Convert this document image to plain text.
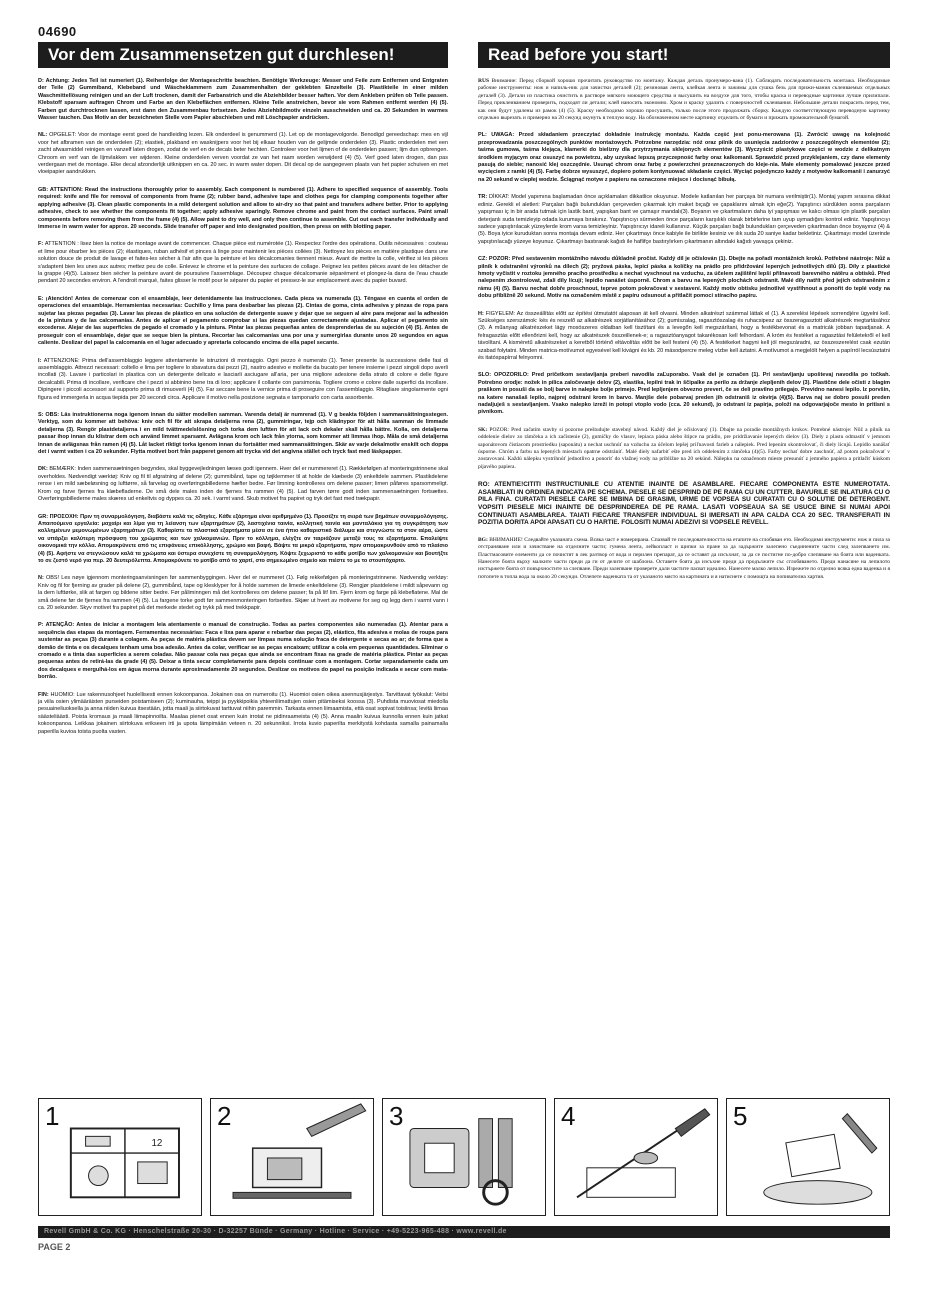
04690
Vor dem Zusammensetzen gut durchlesen!
D: Achtung: Jedes Teil ist numeriert (1). Reihenfolge der Montageschritte beachten. Benötigte Werkzeuge: Messer und Feile zum Entfernen und Entgraten der Teile (2) Gummiband, Klebeband und Wäscheklammern zum Zusammenhalten der geklebten Einzelteile (3). Plastikteile in einer milden Waschmittellösung reinigen und an der Luft trocknen, damit der Farbanstrich und die Abziehbilder besser haften. Vor dem Ankleben prüfen ob Teile passen. Klebstoff sparsam auftragen Chrom und Farbe an den Klebeflächen entfernen. Kleine Teile anstreichen, bevor sie vom Rahmen entfernt werden (4) (5). Farben gut durchtrocknen lassen, erst dann den Zusammenbau fortsetzen. Jedes Abziehbildmotiv einzeln ausschneiden und ca. 20 Sekunden in warmes Wasser tauchen. Das Motiv an der bezeichneten Stelle vom Papier abschieben und mit Löschpapier andrücken.
NL: OPGELET: Voor de montage eerst goed de handleiding lezen. Elk onderdeel is genummerd (1). Let op de montagevolgorde. Benodigd gereedschap: mes en vijl voor het afbramen van de onderdelen (2); elastiek, plakband en wasknijpers voor het bij elkaar houden van de gelijmde onderdelen (3). Plastic onderdelen met een zacht afwasmiddel reinigen en vanzelf laten drogen, zodat de verf en de decals beter hechten. Controleer voor het lijmen of de onderdelen passen; lijm dun opbrengen. Chroom en verf van de lijmvlakken ver wijderen. Kleine onderdelen verven voordat ze van het raam worden verwijderd (4) (5). Verf goed laten drogen, dan pas verdergaan met de montage. Elke decal afzonderlijk uitknippen en ca. 20 sec. in warm water dopen. Dit decal op de aangegeven plaats van het papier schuiven en met vloeipapier aandrukken.
GB: ATTENTION: Read the instructions thoroughly prior to assembly. Each component is numbered (1). Adhere to specified sequence of assembly. Tools required: knife and file for removal of components from frame (2); rubber band, adhesive tape and clothes pegs for clamping components together after applying adhesive (3). Clean plastic components in a mild detergent solution and allow to air-dry so that paint and transfers adhere better. Prior to applying adhesive, check to see whether the components fit together; apply adhesive sparingly. Remove chrome and paint from the contact surfaces. Paint small components before removing them from the frame (4) (5). Allow paint to dry well, and only then continue to assemble. Cut out each transfer individually and immerse in warm water for approx. 20 seconds. Slide transfer off paper and into designated position, then press on with blotting paper.
F: ATTENTION : lisez bien la notice de montage avant de commencer. Chaque pièce est numérotée (1). Respectez l'ordre des opérations. Outils nécessaires : couteau et lime pour ébarber les pièces (2); élastiques, ruban adhésif et pinces à linge pour maintenir les pièces collées (3). Nettoyez les pièces en matière plastique dans une solution douce de produit de lavage et faites-les sécher à l'air afin que la peinture et les décalcomanies tiennent mieux. Avant de mettre la colle, vérifiez si les pièces s'adaptent bien les unes aux autres; mettez peu de colle. Enlevez le chrome et la peinture des surfaces de collage. Peignez les petites pièces avant de les détacher de la grappe (4)(5). Laissez bien sécher la peinture avant de poursuivre l'assemblage. Découpez chaque décalcomanie séparément et plongez-la dans de l'eau chaude pendant 20 secondes environ. A l'endroit marqué, faites glisser le motif pour le séparer du papier et pressez-le sur emplacement avec du papier buvard.
E: ¡Atención! Antes de comenzar con el ensamblaje, leer detenidamente las instrucciones. Cada pieza va numerada (1). Téngase en cuenta el orden de operaciones del ensamblaje. Herramientas necesarias: Cuchillo y lima para desbarbar las piezas (2). Cintas de goma, cinta adhesiva y pinzas de ropa para sujetar las piezas pegadas (3). Lavar las piezas de plástico en una solución de detergente suave y dejar que se seguen al aire para mejorar así la adhesión de la pintura y de las calcomanías. Antes de aplicar el pegamento comprobar si las piezas quedan correctamente ajustadas. Aplicar el pegamento sin excederse. Alejar de las superficies de pegado el cromado y la pintura. Pintar las piezas pequeñas antes de desprenderlas de su sujeción (4) (5). Antes de proseguir con el ensamblaje, dejar que se seque bien la pintura. Recortar las calcomanías una por una y sumergirlas durante unos 20 segundos en agua caliente. Deslizar del papel la calcomanía en el lugar adecuado y apretarla colocando encima de ella papel secante.
I: ATTENZIONE: Prima dell'assemblaggio leggere attentamente le istruzioni di montaggio. Ogni pezzo è numerato (1). Tener presente la successione delle fasi di assemblaggio. Attrezzi necessari: coltello e lima per togliere lo sbavatura dai pezzi (2), nastro adesivo e mollette da bucato per tenere insieme i pezzi singoli dopo averli incollati (3). Lavare i particolari in plastica con un detergente delicato e lasciarli asciugare all'aria, per una migliore adesione della strato di colore e delle figure decalcabili. Prima di incollare, verificare che i pezzi si abbinino bene tra di loro; applicare il collante con parsimonia. Togliere cromo e colore dalle superfici da incollare. Dipingere i piccoli accessori sul supporto prima di rimuoverli (4) (5). Far seccare bene la vernice prima di proseguire con l'assemblaggio. Ritagliare singolarmente ogni figura ed immergerla in acqua tiepida per 20 secondi circa. Applicare il motivo nella posizione segnata e tamponarlo con carta assorbente.
S: OBS: Läs instruktionerna noga igenom innan du sätter modellen samman. Varenda detalj är numrerad (1). V g beakta följden i sammansättningsstegen. Verktyg, som du kommer att behöva: kniv och fil för att skrapa detaljerna rena (2), gummiringar, tejp och klädnypor för att hålla samman de limmade detaljerna (3). Rengör plastdetaljerna i en mild tvättmedelslösning och torka dem luftten för att lack och dekaler skall hålla bättre. Kolla, om detaljerna passar ihop innan du klistrar dem och använd limmet sparsamt. Avlägsna krom och lack från ytorna, som kommer att limmas ihop. Måla de små detaljerna innan de avlägsnas från ramen (4) (5). Låt lacket riktigt torka igenom innan du fortsätter med sammansättningen. Skär av varje dekalmotiv enskilt och doppa det i varmt vatten i ca 20 sekunder. Flytta motivet bort från papperet genom att trycka vid det angivna stället och tryck fast med läskpapper.
DK: BEMÆRK: Inden sammensætningen begyndes, skal byggevejledningen læses godt igennem. Hver del er nummereret (1). Rækkefølgen af monteringstrinnene skal overholdes. Nødvendigt værktøj: Kniv og fil til afgratning af delene (2); gummibånd, tape og tøjklemmer til at holde de klæbede (3) enkeltdele sammen. Plastikdelene rense i en mild sæbeløsning og lufttørre, så farvelag og overføringsbillederne hæfter bedre. Før limning kontrolleres om delene passer; limen påføres sparsommeligt. Krom og farve fjernes fra klæbefladerne. De små dele males inden de fjernes fra rammen (4) (5). Lad farven tørre godt inden sammensætningen fortsættes. Overføringsbillederne males skæres ud enkeltvis og dyppes ca. 20 sek. i varmt vand. Skub motivet fra papiret og tryk det fast med trækpapir.
GR: ΠΡΟΣΟΧΗ: Πριν τη συναρμολόγηση, διαβάστε καλά τις οδηγίες. Κάθε εξάρτημα είναι αριθμημένο (1). Προσέξτε τη σειρά των βημάτων συναρμολόγησης. Απαιτούμενα εργαλεία: μαχαίρι και λίμα για τη λείανση των εξαρτημάτων (2), λαστιχένια ταινία, κολλητική ταινία και μανταλάκια για τη συγκράτηση των κολλημένων μεμονωμένων εξαρτημάτων (3). Καθαρίστε τα πλαστικά εξαρτήματα μέσα σε ένα ήπιο καθαριστικό διάλυμα και στεγνώστε τα στον αέρα, ώστε να υπάρξει καλύτερη πρόσφυση του χρώματος και των χαλκομανιών. Πριν το κόλλημα, ελέγξτε αν ταιριάζουν μεταξύ τους τα εξαρτήματα. Επαλείψτε οικονομικά την κόλλα. Απομακρύνετε από τις επιφάνειες επικόλλησης, χρώμιο και βαφή. Βάψτε τα μικρά εξαρτήματα, πριν απομακρυνθούν από το πλαίσιο (4) (5). Αφήστε να στεγνώσουν καλά τα χρώματα και ύστερα συνεχίστε τη συναρμολόγηση. Κόψτε ξεχωριστά το κάθε μοτίβο των χαλκομανιών και βουτήξτε το σε ζεστό νερό για περ. 20 δευτερόλεπτα. Απομακρύνετε το μοτίβο από το χαρτί, στο σημειωμένο σημείο και πιέστε το με το στουπόχαρτο.
N: OBS! Les nøye igjennom monteringsanvisningen før sammenbyggingen. Hver del er nummeret (1). Følg rekkefølgen på monteringstrinnene. Nødvendig verktøy: Kniv og fil for fjerning av grader på delene (2), gummibånd, tape og klesklyper for å holde sammen de limede enkeltdelene (3). Rengjør plastdelene i mildt såpevann og la dem lufttørke, slik at fargen og bildene sitter bedre. Før påliminngen må det kontrolleres om delene passer; fa på lit! lim. Fjern krom og farge på klebeflatene. Mal de små delene før de fjernes fra rammen (4) (5). La fargene torke godt før sammenmonteringen fortsettes. Skjær ut hvert av motivene for seg og legg dem i varmt vann i ca. 20 sekunder. Skyv motivet fra papiret på det merkede stedet og trykk på med trekkpapir.
P: ATENÇÃO: Antes de iniciar a montagem leia atentamente o manual de construção. Todas as partes componentes são numeradas (1). Atentar para a sequência das etapas da montagem. Ferramentas necessárias: Faca e lixa para aparar e rebarbar das peças (2), elástico, fita adesiva e molas de roupa para sustentar as peças (3) durante a colagem. As peças de matéria plástica devem ser limpas numa solução fraca de detergente e secas ao ar; de forma que a demão de tinta e os decalques tenham uma boa adesão. Antes da colar, verificar se as peças encaixam; utilizar a cola em pequenas quantidades. Eliminar o cromado e a tinta das superfícies a serem coladas. Não passar cola nas peças que ainda se encontram fixas na grade de matéria plástica. Pintar as peças pequenas antes de retirá-las da grade (4) (5). Deixar a tinta secar completamente para depois continuar com a montagem. Cortar separadamente cada um dos decalques e mergulhá-los em água morna durante aproximadamente 20 segundos. Deslizar os motivos do papel na posição indicada e secar com mata-borrão.
FIN: HUOMIO: Lue rakennusohjeet huolellisesti ennen kokoonpanoa. Jokainen osa on numeroitu (1). Huomioi osien oikea asennusjärjestys. Tarvittavat työkalut: Veitsi ja viila osien ylimääräisten purseiden poistamiseen (2); kuminauha, teippi ja pyykkipoikia yhteenliimattujen osien pitämiseksi koossa (3). Puhdista muoviosat miedolla pesuaineliuoksella ja anna niiden kuivua itsestään, jotta maali ja siirtokuvat tarttuvat niihin paremmin. Tarkasta ennen liimaamista, että osat sopivat toisiinsa; levitä liimaa säästeliäästi. Poista kromaus ja maali liimapinnoilta. Maalaa pienet osat ennen kuin irrotat ne pidinraameista (4) (5). Anna maalin kuivua kunnolla ennen kuin jatkat kokoonpanoa. Leikkaa jokainen siirtokuva erikseen irti ja upota lämpimään veteen n. 20 sekunniksi. Irrota kuvio paperilta merkitystä kohdasta samalla painamalla paperilla kuvioa toista puolta vasten.
Read before you start!
RUS Внимание: Перед сборкой хорошо прочитать руководство по монтажу. Каждая деталь пронумеро-вана (1). Соблюдать последовательность монтажа. Необходимые рабочие инструменты: нож и напиль-ник для зачистки деталей (2); резиновая лента, клейкая лента и зажимы для сушка безь для прижи-мания склеиваемых отдельных деталей (3). Детали из пластика очистить в растворе мягкого моющего средства и высушить на воздухе для того, чтобы краска и переводные картинки лучше прилипали. Перед приклеиванием проверить, подходят ли детали; клей наносить экономно. Хром и краску удалить с поверхностей склеивания. Небольшие детали покрасить перед тем, как они будут удалены из рамок (4) (5). Краску необходимо хорошо просушить, только после этого продолжать сборку. Каждую соответствующую переводную картинку отдельно вырезать и примерно на 20 секунд окунуть в теплую воду. На обозначенном месте картинку отделить от бумаги и прижать промокательной бумагой.
PL: UWAGA: Przed składaniem przeczytać dokładnie instrukcję montażu. Każda część jest ponu-merowana (1). Zwrócić uwagę na kolejność przeprowadzania poszczególnych punktów montażowych. Potrzebne narzędzia: nóż oraz pilnik do usunięcia zadziorów z poszczególnych elementów (2); taśma gumowa, taśma klejąca, klamerki do bielizny dla przytrzymania sklejonych elementów (3). Wyczyścić plastykowe części w wodzie z delikatnym środkiem myjącym oraz osuszyć na powietrzu, aby uzyskać lepszą przyczepność farby oraz kalkomanii. Sprawdzić przed przyklejaniem, czy dane elementy pasują do siebie; nanosić klej oszczędnie. Usunąć chrom oraz farbę z powierzchni przeznaczonych do kleje-nia. Małe elementy pomalować jeszcze przed wycięciem z ramki (4) (5). Farbę dobrze wysuszyć, dopiero potem kontynuować składanie części. Wyciąć pojedynczo każdy z motywów kalkomanii i zanurzyć na 20 sekund w ciepłej wodzie. Ściągnąć motyw z papieru na oznaczone miejsce i docisnąć bibułą.
TR: DİKKAT: Model yapımına başlamadan önce açıklamaları dikkatlice okuyunuz. Modele katlanılan her parçaya bir numara verilmiştir(1). Montaj yapım sırasına dikkat ediniz. Gerekli el aletleri: Parçaları bağlı bulundukları çerçeveden çıkarmak için maket bıçağı ve çapaklarını almak için eğe(2). Yapıştırıcı sürdükten sonra parçaların yapışması iç in bir arada tutmak için lastik bant, yapışkan bant ve çamaşır mandalı(3). Boyanın ve çıkartmaların daha iyi yapışması ve kalıcı olması için plastik parçaları deterjanlı suda temizleyip odada kurumaya bırakınız. Yapıştırıcıyı sürmeden önce parçaların karşılıklı olarak birbirlerine tam uyup uymadığını kontrol ediniz. Yapıştırıcıyı sadece yapıştırılacak yüzeylerde krom varsa temizleyiniz. Yapıştırıcıyı idareli kullanınız. Küçük parçaları bağlı bulundukları çerçeveden çıkartmadan önce boyayınız (4) & (5). Boya iyice kuruduktan sonra montaja devam ediniz. Her çıkartmayı önce kabiyle ile birlikte kesiniz ve ılık suda 20 saniye kadar bekletiniz. Çıkartmayı model üzerinde yapıştırılacağı yüzeye koyunuz. Çıkartmayı bastırarak kağıdı ile haflifçe bastırylırken çıkartmanın altındaki kağıdı yavaşça çekiniz.
CZ: POZOR: Před sestavením montážního návodu důkladně pročíst. Každý díl je očíslován (1). Dbejte na pořadí montážních kroků. Potřebné nástroje: Nůž a pilník k odstranění výronků na dílech (2); pryžová páska, lepicí páska a kolíčky na prádlo pro přidržování lepených jednotlivých dílů (3). Díly z plastické hmoty vyčistit v roztoku jemného pracího prostředku a nechat vyschnout na vzduchu, za účelem zajištění lepší přilnavosti barevného nátěru a obtisků. Před nalepením zkontrolovat, zdali díly lícují; lepidlo nanášet úsporně. Chrom a barvu na lepených plochách odstranit. Malé díly natřít před jejich odstraněním z rámu (4) (5). Barvu nechat dobře proschnout, teprve potom pokračovat v sestavení. Každý motiv obtisku jednotlivě vystřihnout a ponořit do teplé vody na dobu přibližně 20 sekund. Motiv na označeném místě z papíru odsunout a přitlačit pomocí stíracího papíru.
H: FIGYELEM: Az összeállítás előtt az építési útmutatót alaposan át kell olvasni. Minden alkatrészt számmal láttak el (1). A szerelési lépések sorrendjére ügyelni kell. Szükséges szerszámok: kés és reszelő az alkatrészek sorjátlanításához (2); gumiszalag, ragasztószalag és ruhacsipesz az összeragasztott alkatrészek megtartásához (3). A műanyag alkatrészeket lágy mosószeres oldatban kell tisztítani és a levegőn kell megszárítani, hogy a festékbevonat és a matricák jobban tapadjanak. A felragasztás előtt ellenőrizni kell, hogy az alkatrészek összeillenek-e; a ragasztóanyagot takarékosan kell felhordani. A króm és festéket a ragasztási felületekről el kell távolítani. A kisméretű alkatrészeket a keretből történő eltávolítás előtt be kell festeni (4) (5). A festékeket hagyni kell jól megszáradni, az összeszerelést csak ezután szabad folytatni. Minden matrica-motívumot egyesével kell kivágni és kb. 20 másodpercre meleg vízbe kell áztatni. A motívumot a megjelölt helyen a papírról lecsúsztatni és itatóspapírral felnyomni.
SLO: OPOZORILO: Pred pričetkom sestavljanja preberi navodila zaĽuporabo. Vsak del je označen (1). Pri sestavljanju upoštevaj navodila po točkah. Potrebno orodje: nožek in pilica zaločevanje delov (2), elastika, lepilni trak in ščipalke za perilo za držanje zlepljenih delov (3). Plastične dele očisti z blagim praškom in posuši da se bolj barve in nalepke bolje primejo. Pred lepljenjem obvezno preveri, če se deli pravilno prilegajo. Previdno nanesi lepilo. Iz porvšin, na katere nanašaš lepilo, najprej odstrani krom in barvo. Manjše dele pobarvaj preden jih odstraniš iz okvirja (4)(5). Barva naj se dobro posuši preden nadaljuješ s sestavljanjem. Vsako nalepko izreži in potopi vtoplo vodo (cca. 20 sekund), jo odstrani iz papirja, položi na odgovarjajoče mesto in pritisni s pivnikom.
SK: POZOR: Pred začatím stavby si pozorne preštudujte stavebný návod. Každý diel je očíslovaný (1). Dbajte na poradie montážnych krokov. Potrebné nástroje: Nôž a pilník na oddelenie dielov zo rámčeka a ich začistenie (2), gumičky do vlasov, lepiaca páska alebo štipce na prádlo, pre pridržiavanie lepených dielov (3). Diely z plastu odmastiť v jemnom saponátovom čistiacom prostriedku (saponátu) a nechat uschnúť na vzduchu za účelom lepšej priľnavosti farieb a nálepiek. Pred lepením skontrolovať, či diely lícujú. Lepidlo nanášať úsporne. Chróm a farbu na lepených miestach opatrne odstrániť. Malé diely nafarbiť ešte pred ich oddelením z rámčeka (4)(5). Farby nechať dobre zaschnúť, až potom pokračovať v zostavovaní. Každú nálepku vystrihnúť jednotlivo a ponoriť do vlažnej vody na približne na 20 sekúnd. Nálepku na označenom mieste presunúť z jemného papiera a pritlačiť kúskom pijavého papiera.
RO: ATENTIE!CITITI INSTRUCTIUNILE CU ATENTIE INAINTE DE ASAMBLARE. FIECARE COMPONENTA ESTE NUMEROTATA. ASAMBLATI IN ORDINEA INDICATA PE SCHEMA. PIESELE SE DESPRIND DE PE RAMA CU UN CUTTER. BAVURILE SE INLATURA CU O PILA FINA. CURATATI PIESELE CARE SE IMBINA DE GRASIMI, URME DE VOPSEA SU CURATATI CU O SOLUTIE DE DETERGENT. VOPSITI PIESELE MICI INAINTE DE DESPRINDEREA DE PE RAMA. LASATI VOPSEAUA SA SE USUCE BINE SI NUMAI APOI CONTINUATI ASAMBLAREA. TAIATI FIECARE TRANSFER INDIVIDUAL SI IMERSATI IN APA CALDA CCA 20 SEC. TRANSFERATI IN POZITIA DORITA APOI APASATI CU O HARTIE. FOLOSITI NUMAI ADEZIVI SI VOPSELE REVELL.
BG: ВНИМАНИЕ! Следвайте указаната схема. Всяка част е номерирана. Спазвай те последователността на етапите на сглобяван ето. Необходими инструменти: нож и пила за отстраняване или и зачистване на отделните части; гумена лента, лейкопласт и щипки за пране за да задържите залепено съединените части след залепването им. Пластмасовите елементи да се почистят в лек разтвор от вода и перилен препарат, да се оставят да изсъхнат, за да се постигне по-добро слепяване на боята или ваденката. Нанесете боята върху малките части преди да ги от делите от шаблона. Оставете боята да изсъхне преди да продължите със сглобяването. Преди нанасяне на лепилото изстържете боята от повърхностите за слепване. Преди залепване проверете дали частите пасват идеално. Нанесете малко лепило. Изрежете по отделно всяка една ваденка и я потопете в топла вода за около 20 секунди. Отлепете ваденката та от указаното място на картината и я натиснете с помощта на попивателна хартия.
1
12
2	3	4	5
Revell GmbH & Co. KG · Henschelstraße 20-30 · D-32257 Bünde · Germany · Hotline · Service · +49-5223-965-488 · www.revell.de
PAGE 2
